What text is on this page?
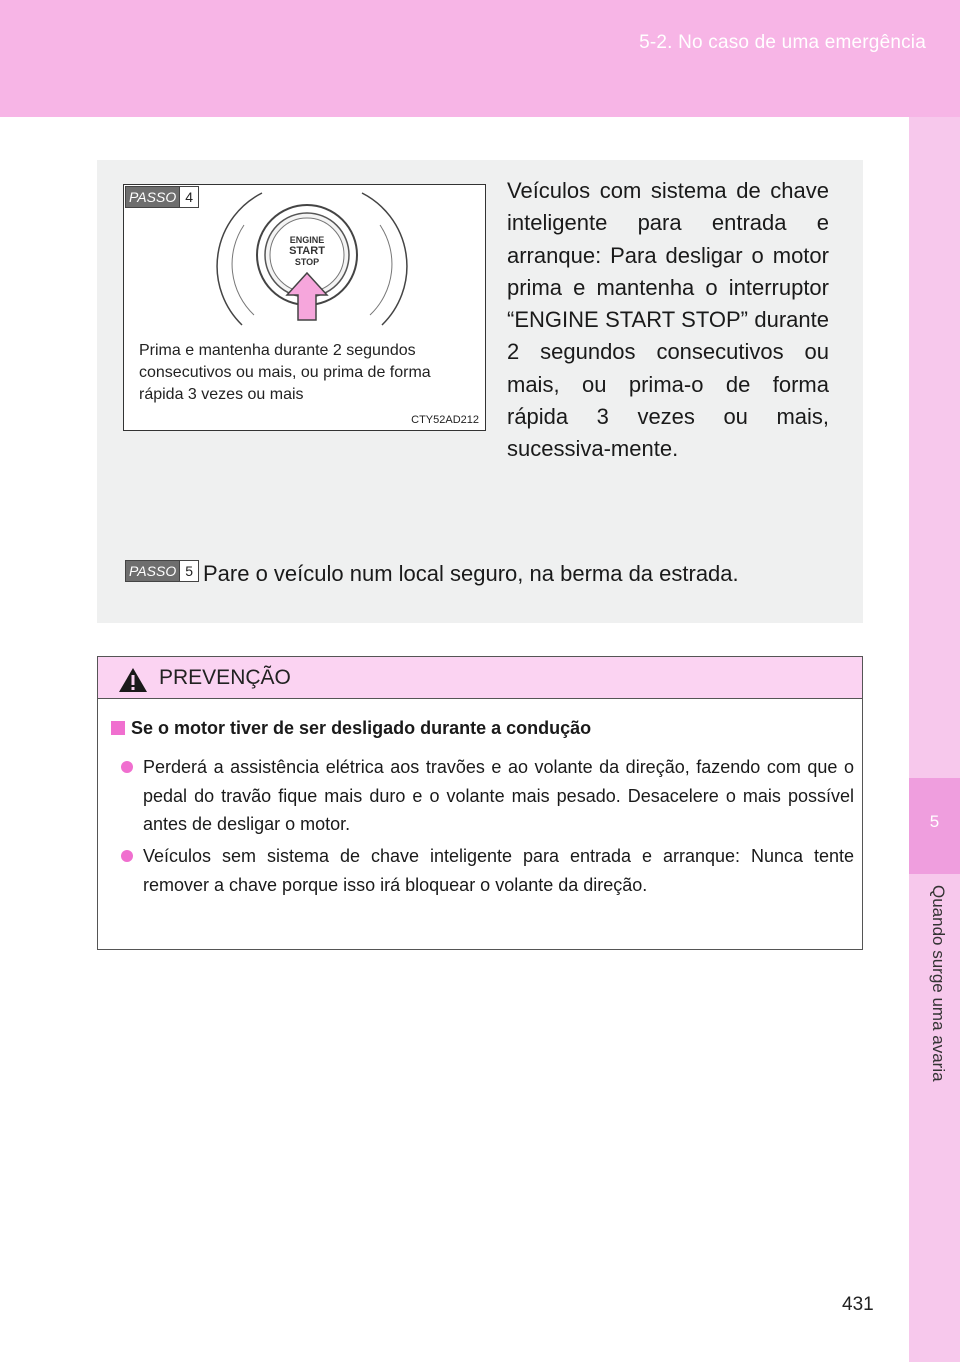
5-2. No caso de uma emergência
5
Quando surge uma avaria
ENGINE
START
STOP
Prima e mantenha durante 2 segundos consecutivos ou mais, ou prima de forma rápida 3 vezes ou mais
CTY52AD212
PASSO 4	Veículos com sistema de chave inteligente para entrada e arranque: Para desligar o motor prima e mantenha o interruptor “ENGINE START STOP” durante 2 segundos consecutivos ou mais, ou prima-o de forma rápida 3 vezes ou mais, sucessiva-mente.
PASSO 5 Pare o veículo num local seguro, na berma da estrada.
PREVENÇÃO
Se o motor tiver de ser desligado durante a condução
Perderá a assistência elétrica aos travões e ao volante da direção, fazendo com que o pedal do travão fique mais duro e o volante mais pesado. Desacelere o mais possível antes de desligar o motor.
Veículos sem sistema de chave inteligente para entrada e arranque: Nunca tente remover a chave porque isso irá bloquear o volante da direção.
431
